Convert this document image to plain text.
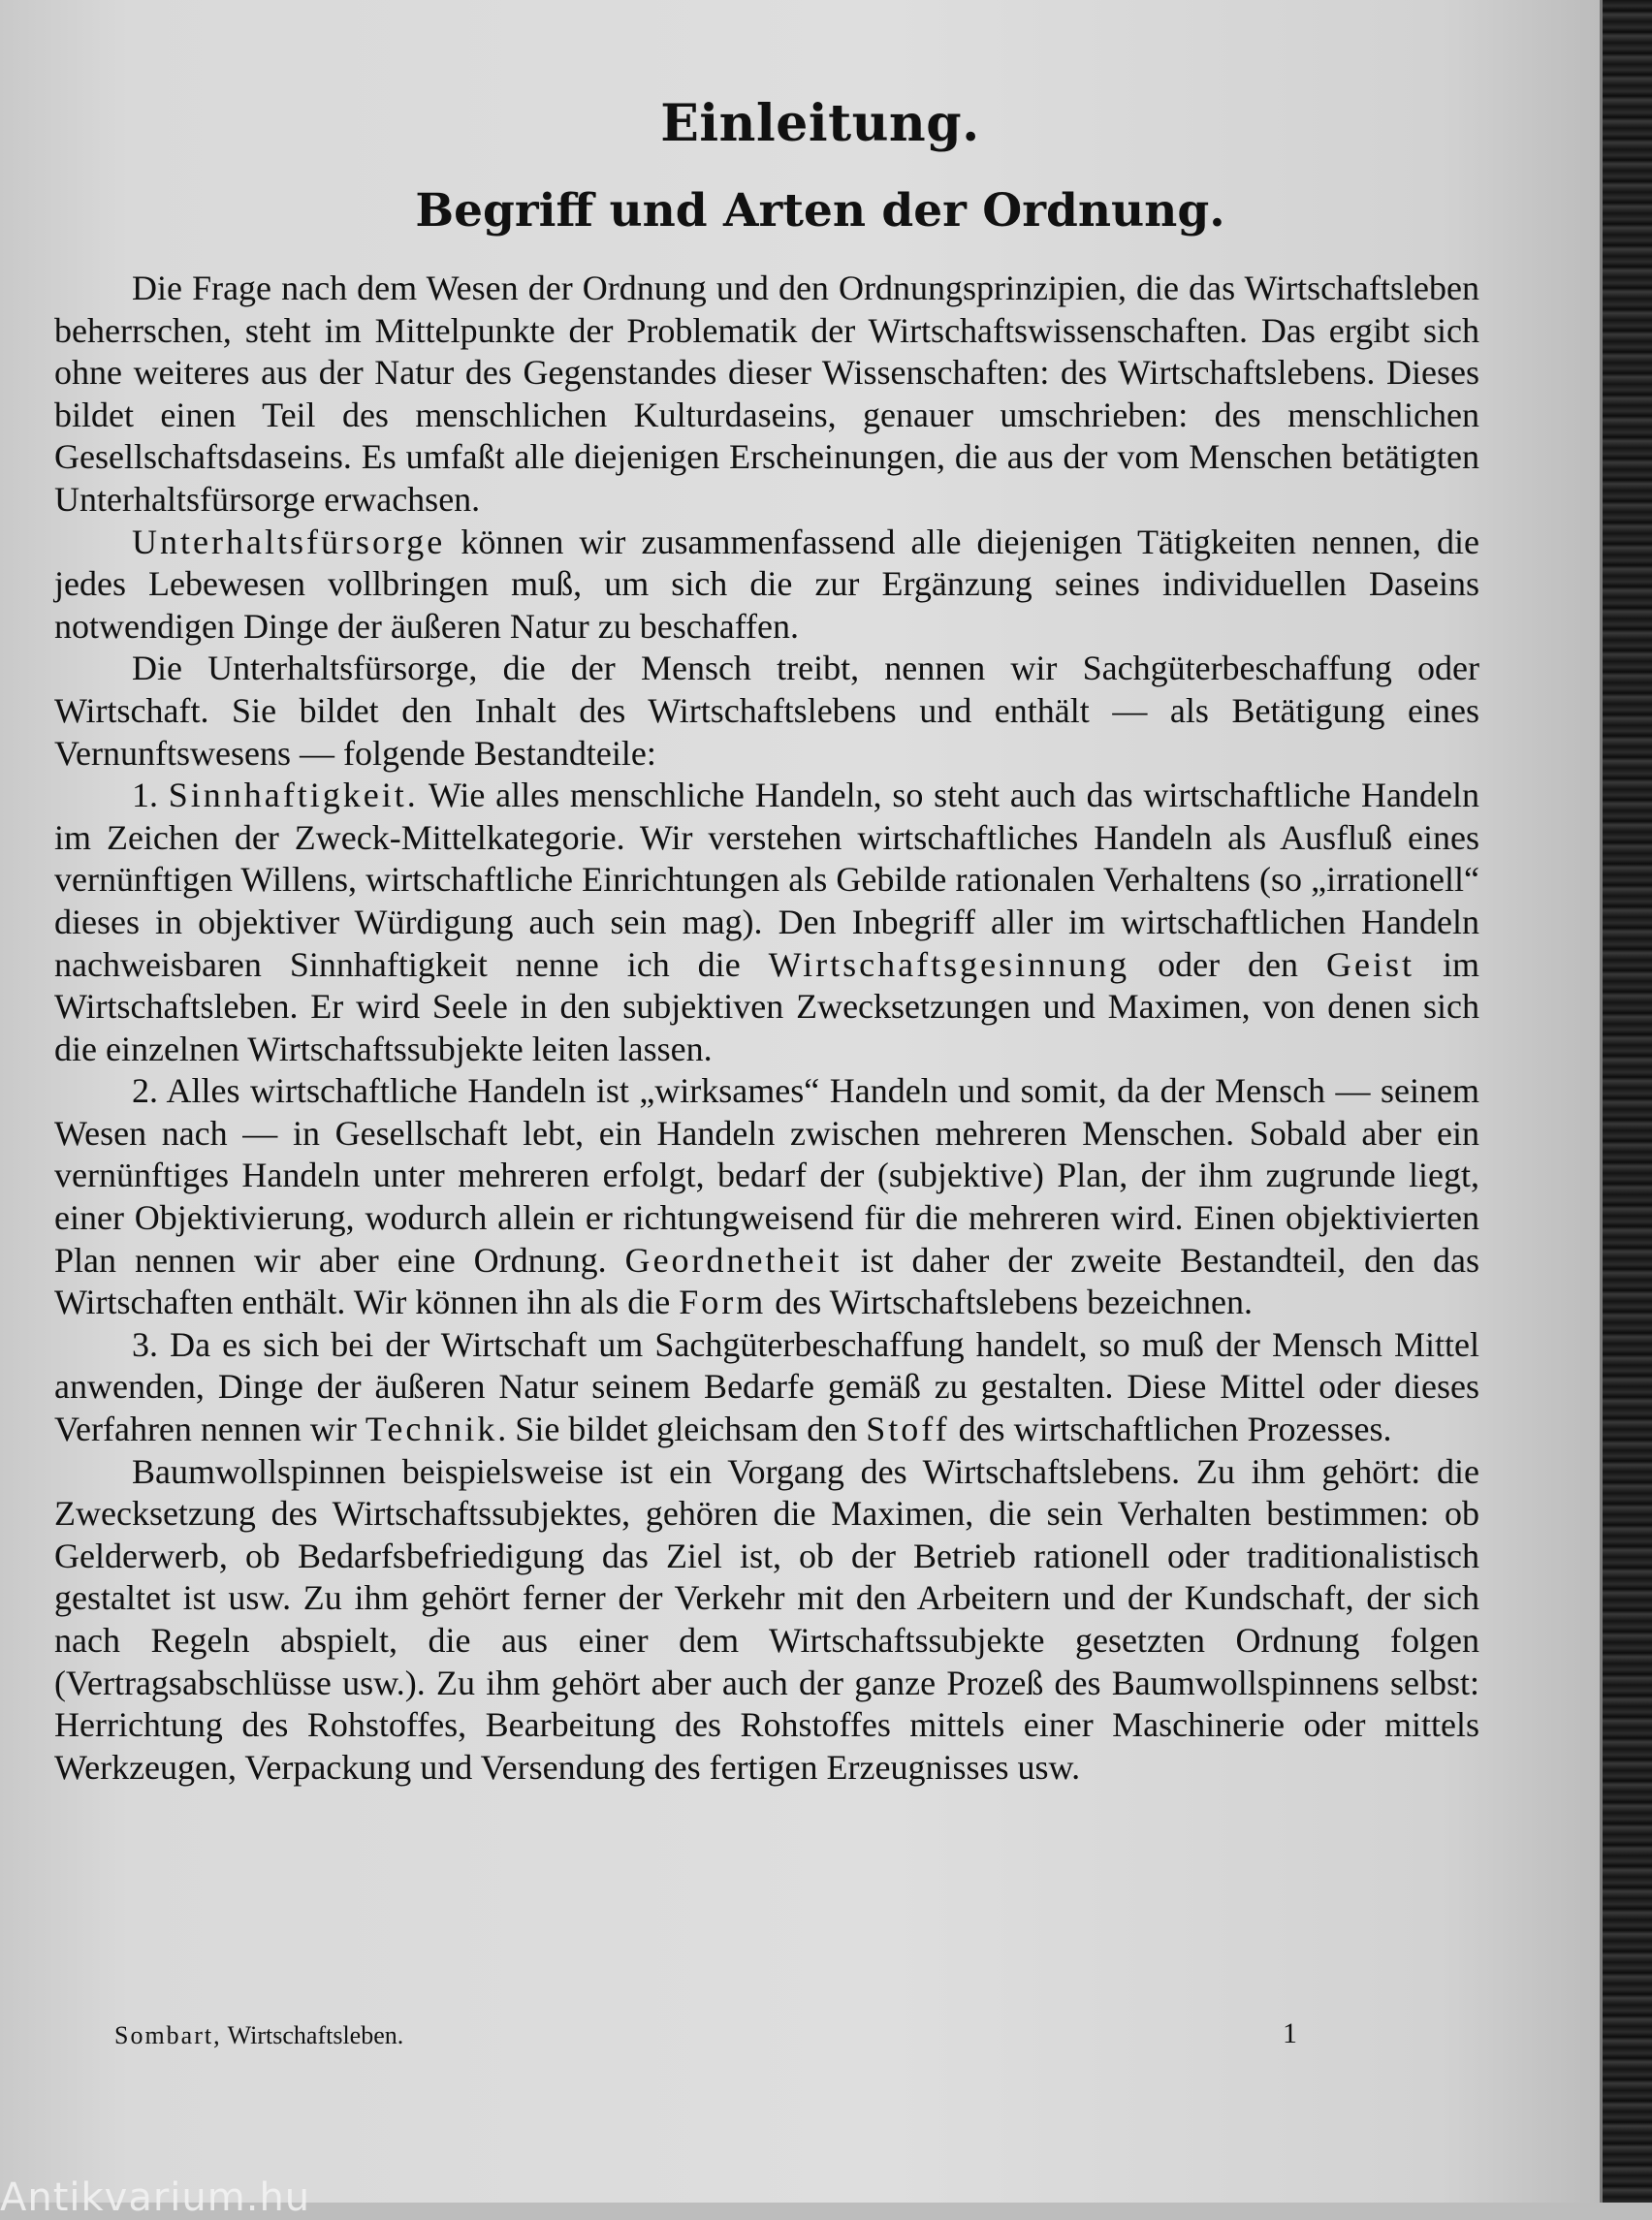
Einleitung.
Begriff und Arten der Ordnung.

Die Frage nach dem Wesen der Ordnung und den Ordnungsprinzipien, die das Wirtschaftsleben beherrschen, steht im Mittelpunkte der Problematik der Wirtschaftswissenschaften. Das ergibt sich ohne weiteres aus der Natur des Gegenstandes dieser Wissenschaften: des Wirtschaftslebens. Dieses bildet einen Teil des menschlichen Kulturdaseins, genauer umschrieben: des menschlichen Gesellschaftsdaseins. Es umfaßt alle diejenigen Erscheinungen, die aus der vom Menschen betätigten Unterhaltsfürsorge erwachsen.

Unterhaltsfürsorge können wir zusammenfassend alle diejenigen Tätigkeiten nennen, die jedes Lebewesen vollbringen muß, um sich die zur Ergänzung seines individuellen Daseins notwendigen Dinge der äußeren Natur zu beschaffen.

Die Unterhaltsfürsorge, die der Mensch treibt, nennen wir Sachgüterbeschaffung oder Wirtschaft. Sie bildet den Inhalt des Wirtschaftslebens und enthält — als Betätigung eines Vernunftswesens — folgende Bestandteile:

1. Sinnhaftigkeit. Wie alles menschliche Handeln, so steht auch das wirtschaftliche Handeln im Zeichen der Zweck-Mittelkategorie. Wir verstehen wirtschaftliches Handeln als Ausfluß eines vernünftigen Willens, wirtschaftliche Einrichtungen als Gebilde rationalen Verhaltens (so „irrationell“ dieses in objektiver Würdigung auch sein mag). Den Inbegriff aller im wirtschaftlichen Handeln nachweisbaren Sinnhaftigkeit nenne ich die Wirtschaftsgesinnung oder den Geist im Wirtschaftsleben. Er wird Seele in den subjektiven Zwecksetzungen und Maximen, von denen sich die einzelnen Wirtschaftssubjekte leiten lassen.

2. Alles wirtschaftliche Handeln ist „wirksames“ Handeln und somit, da der Mensch — seinem Wesen nach — in Gesellschaft lebt, ein Handeln zwischen mehreren Menschen. Sobald aber ein vernünftiges Handeln unter mehreren erfolgt, bedarf der (subjektive) Plan, der ihm zugrunde liegt, einer Objektivierung, wodurch allein er richtungweisend für die mehreren wird. Einen objektivierten Plan nennen wir aber eine Ordnung. Geordnetheit ist daher der zweite Bestandteil, den das Wirtschaften enthält. Wir können ihn als die Form des Wirtschaftslebens bezeichnen.

3. Da es sich bei der Wirtschaft um Sachgüterbeschaffung handelt, so muß der Mensch Mittel anwenden, Dinge der äußeren Natur seinem Bedarfe gemäß zu gestalten. Diese Mittel oder dieses Verfahren nennen wir Technik. Sie bildet gleichsam den Stoff des wirtschaftlichen Prozesses.

Baumwollspinnen beispielsweise ist ein Vorgang des Wirtschaftslebens. Zu ihm gehört: die Zwecksetzung des Wirtschaftssubjektes, gehören die Maximen, die sein Verhalten bestimmen: ob Gelderwerb, ob Bedarfsbefriedigung das Ziel ist, ob der Betrieb rationell oder traditionalistisch gestaltet ist usw. Zu ihm gehört ferner der Verkehr mit den Arbeitern und der Kundschaft, der sich nach Regeln abspielt, die aus einer dem Wirtschaftssubjekte gesetzten Ordnung folgen (Vertragsabschlüsse usw.). Zu ihm gehört aber auch der ganze Prozeß des Baumwollspinnens selbst: Herrichtung des Rohstoffes, Bearbeitung des Rohstoffes mittels einer Maschinerie oder mittels Werkzeugen, Verpackung und Versendung des fertigen Erzeugnisses usw.

Sombart, Wirtschaftsleben.	1
Antikvarium.hu
